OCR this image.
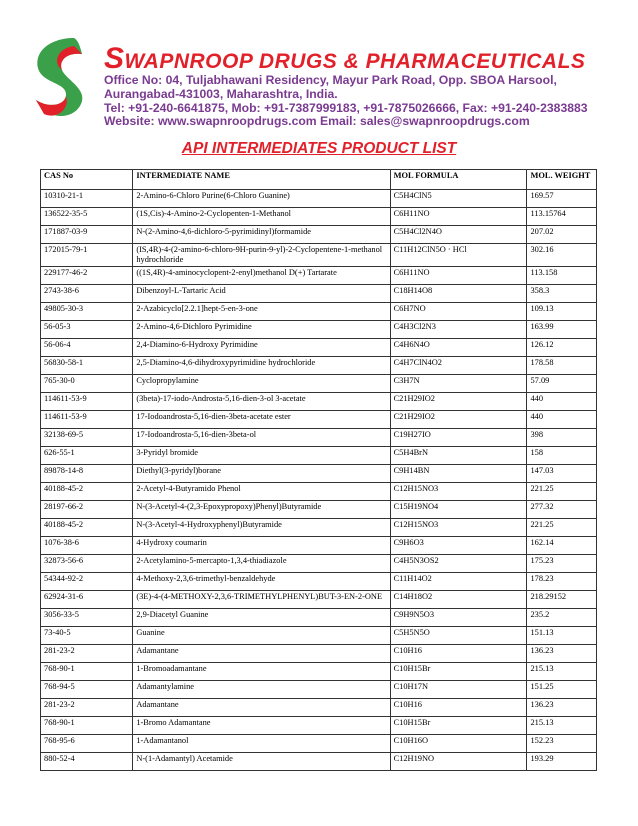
SWAPNROOP DRUGS & PHARMACEUTICALS
Office No: 04, Tuljabhawani Residency, Mayur Park Road, Opp. SBOA Harsool,
Aurangabad-431003, Maharashtra, India.
Tel: +91-240-6641875, Mob: +91-7387999183, +91-7875026666, Fax: +91-240-2383883
Website: www.swapnroopdrugs.com Email: sales@swapnroopdrugs.com
API INTERMEDIATES PRODUCT LIST
CAS No	INTERMEDIATE NAME	MOL FORMULA	MOL. WEIGHT
10310-21-1	2-Amino-6-Chloro Purine(6-Chloro Guanine)	C5H4ClN5	169.57
136522-35-5	(1S,Cis)-4-Amino-2-Cyclopenten-1-Methanol	C6H11NO	113.15764
171887-03-9	N-(2-Amino-4,6-dichloro-5-pyrimidinyl)formamide	C5H4Cl2N4O	207.02
172015-79-1	(IS,4R)-4-(2-amino-6-chloro-9H-purin-9-yl)-2-Cyclopentene-1-methanol hydrochloride	C11H12ClN5O · HCl	302.16
229177-46-2	((1S,4R)-4-aminocyclopent-2-enyl)methanol D(+) Tartarate	C6H11NO	113.158
2743-38-6	Dibenzoyl-L-Tartaric Acid	C18H14O8	358.3
49805-30-3	2-Azabicyclo[2.2.1]hept-5-en-3-one	C6H7NO	109.13
56-05-3	2-Amino-4,6-Dichloro Pyrimidine	C4H3Cl2N3	163.99
56-06-4	2,4-Diamino-6-Hydroxy Pyrimidine	C4H6N4O	126.12
56830-58-1	2,5-Diamino-4,6-dihydroxypyrimidine hydrochloride	C4H7ClN4O2	178.58
765-30-0	Cyclopropylamine	C3H7N	57.09
114611-53-9	(3beta)-17-iodo-Androsta-5,16-dien-3-ol 3-acetate	C21H29IO2	440
114611-53-9	17-Iodoandrosta-5,16-dien-3beta-acetate ester	C21H29IO2	440
32138-69-5	17-Iodoandrosta-5,16-dien-3beta-ol	C19H27IO	398
626-55-1	3-Pyridyl bromide	C5H4BrN	158
89878-14-8	Diethyl(3-pyridyl)borane	C9H14BN	147.03
40188-45-2	2-Acetyl-4-Butyramido Phenol	C12H15NO3	221.25
28197-66-2	N-(3-Acetyl-4-(2,3-Epoxypropoxy)Phenyl)Butyramide	C15H19NO4	277.32
40188-45-2	N-(3-Acetyl-4-Hydroxyphenyl)Butyramide	C12H15NO3	221.25
1076-38-6	4-Hydroxy coumarin	C9H6O3	162.14
32873-56-6	2-Acetylamino-5-mercapto-1,3,4-thiadiazole	C4H5N3OS2	175.23
54344-92-2	4-Methoxy-2,3,6-trimethyl-benzaldehyde	C11H14O2	178.23
62924-31-6	(3E)-4-(4-METHOXY-2,3,6-TRIMETHYLPHENYL)BUT-3-EN-2-ONE	C14H18O2	218.29152
3056-33-5	2,9-Diacetyl Guanine	C9H9N5O3	235.2
73-40-5	Guanine	C5H5N5O	151.13
281-23-2	Adamantane	C10H16	136.23
768-90-1	1-Bromoadamantane	C10H15Br	215.13
768-94-5	Adamantylamine	C10H17N	151.25
281-23-2	Adamantane	C10H16	136.23
768-90-1	1-Bromo Adamantane	C10H15Br	215.13
768-95-6	1-Adamantanol	C10H16O	152.23
880-52-4	N-(1-Adamantyl) Acetamide	C12H19NO	193.29
